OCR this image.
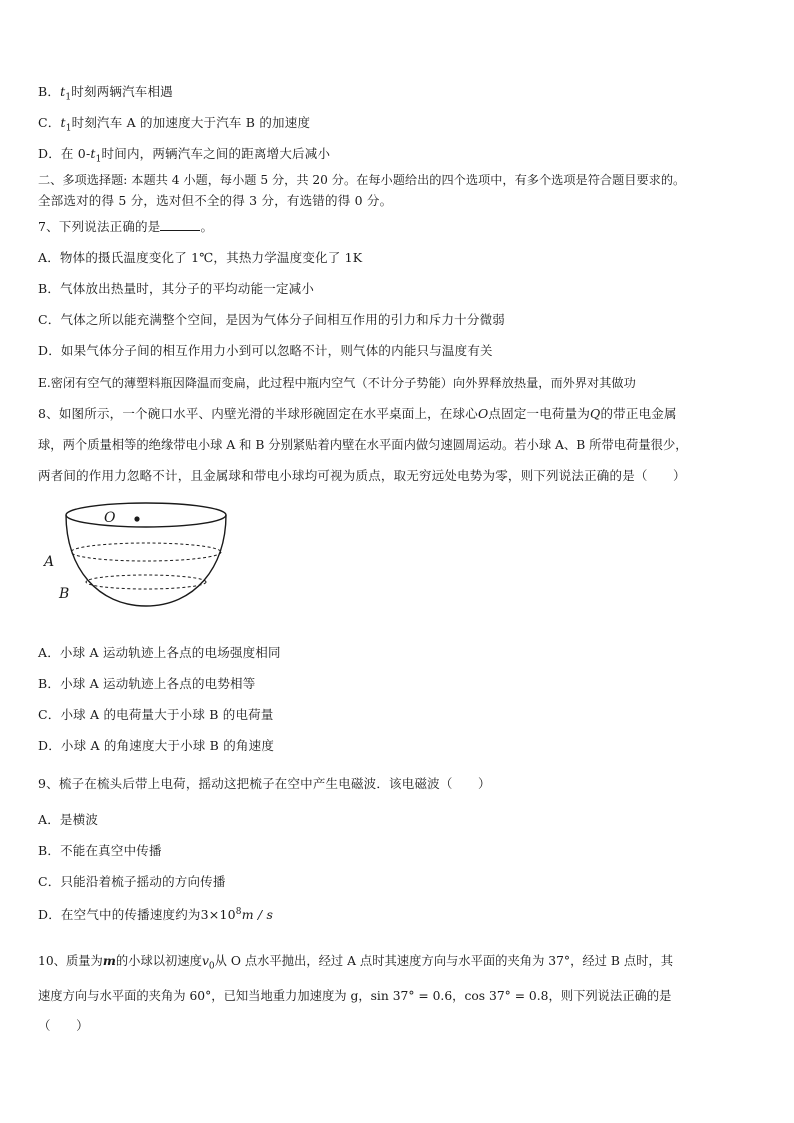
B．$t_1$时刻两辆汽车相遇
C．$t_1$时刻汽车 A 的加速度大于汽车 B 的加速度
D．在 $0-t_1$时间内，两辆汽车之间的距离增大后减小
二、多项选择题: 本题共 4 小题，每小题 5 分，共 20 分。在每小题给出的四个选项中，有多个选项是符合题目要求的。
全部选对的得 5 分，选对但不全的得 3 分，有选错的得 0 分。
7、下列说法正确的是	。
A．物体的摄氏温度变化了 1℃，其热力学温度变化了 1K
B．气体放出热量时，其分子的平均动能一定减小
C．气体之所以能充满整个空间，是因为气体分子间相互作用的引力和斥力十分微弱
D．如果气体分子间的相互作用力小到可以忽略不计，则气体的内能只与温度有关
E.密闭有空气的薄塑料瓶因降温而变扁，此过程中瓶内空气（不计分子势能）向外界释放热量，而外界对其做功
8、如图所示，一个碗口水平、内壁光滑的半球形碗固定在水平桌面上，在球心O点固定一电荷量为Q的带正电金属
球，两个质量相等的绝缘带电小球 A 和 B 分别紧贴着内壁在水平面内做匀速圆周运动。若小球 A、B 所带电荷量很少，
两者间的作用力忽略不计，且金属球和带电小球均可视为质点，取无穷远处电势为零，则下列说法正确的是（　　）
O
A
B
A．小球 A 运动轨迹上各点的电场强度相同
B．小球 A 运动轨迹上各点的电势相等
C．小球 A 的电荷量大于小球 B 的电荷量
D．小球 A 的角速度大于小球 B 的角速度
9、梳子在梳头后带上电荷，摇动这把梳子在空中产生电磁波．该电磁波（　　）
A．是横波
B．不能在真空中传播
C．只能沿着梳子摇动的方向传播
D．在空气中的传播速度约为$3\times 10^8m / s$
10、质量为m的小球以初速度$v_0$从 O 点水平抛出，经过 A 点时其速度方向与水平面的夹角为 37°，经过 B 点时，其
速度方向与水平面的夹角为 60°，已知当地重力加速度为 g，sin 37° = 0.6，cos 37° = 0.8，则下列说法正确的是
（　　）
